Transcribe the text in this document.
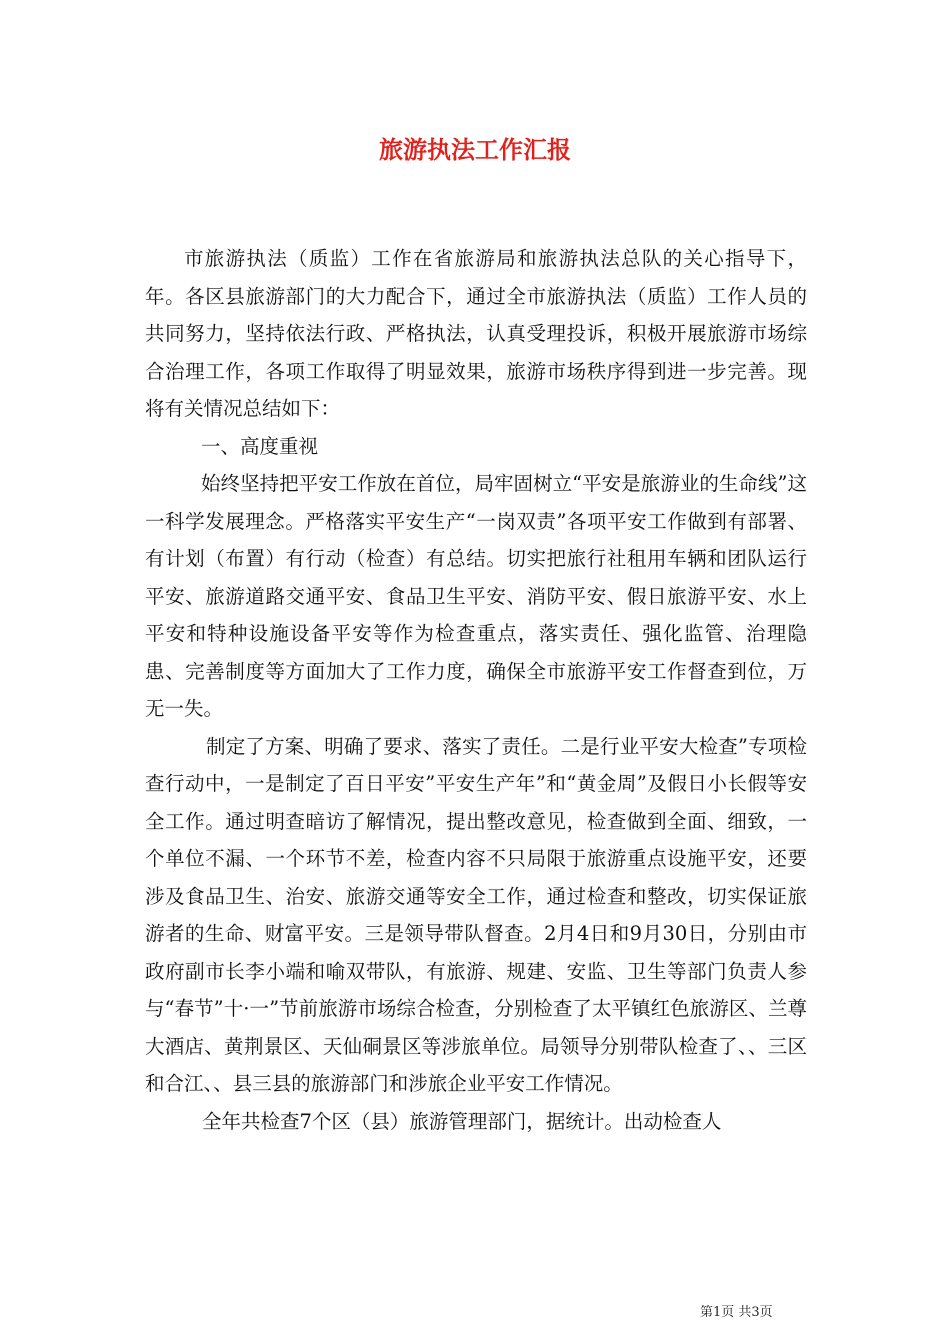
旅游执法工作汇报

市旅游执法（质监）工作在省旅游局和旅游执法总队的关心指导下，年。各区县旅游部门的大力配合下，通过全市旅游执法（质监）工作人员的共同努力，坚持依法行政、严格执法，认真受理投诉，积极开展旅游市场综合治理工作，各项工作取得了明显效果，旅游市场秩序得到进一步完善。现将有关情况总结如下：

一、高度重视

始终坚持把平安工作放在首位，局牢固树立“平安是旅游业的生命线”这一科学发展理念。严格落实平安生产“一岗双责”各项平安工作做到有部署、有计划（布置）有行动（检查）有总结。切实把旅行社租用车辆和团队运行平安、旅游道路交通平安、食品卫生平安、消防平安、假日旅游平安、水上平安和特种设施设备平安等作为检查重点，落实责任、强化监管、治理隐患、完善制度等方面加大了工作力度，确保全市旅游平安工作督查到位，万无一失。

制定了方案、明确了要求、落实了责任。二是行业平安大检查”专项检查行动中，一是制定了百日平安”平安生产年”和“黄金周”及假日小长假等安全工作。通过明查暗访了解情况，提出整改意见，检查做到全面、细致，一个单位不漏、一个环节不差，检查内容不只局限于旅游重点设施平安，还要涉及食品卫生、治安、旅游交通等安全工作，通过检查和整改，切实保证旅游者的生命、财富平安。三是领导带队督查。2月4日和9月30日，分别由市政府副市长李小端和喻双带队，有旅游、规建、安监、卫生等部门负责人参与“春节”十·一”节前旅游市场综合检查，分别检查了太平镇红色旅游区、兰尊大酒店、黄荆景区、天仙硐景区等涉旅单位。局领导分别带队检查了、、三区和合江、、县三县的旅游部门和涉旅企业平安工作情况。

全年共检查7个区（县）旅游管理部门，据统计。出动检查人

第1页 共3页
